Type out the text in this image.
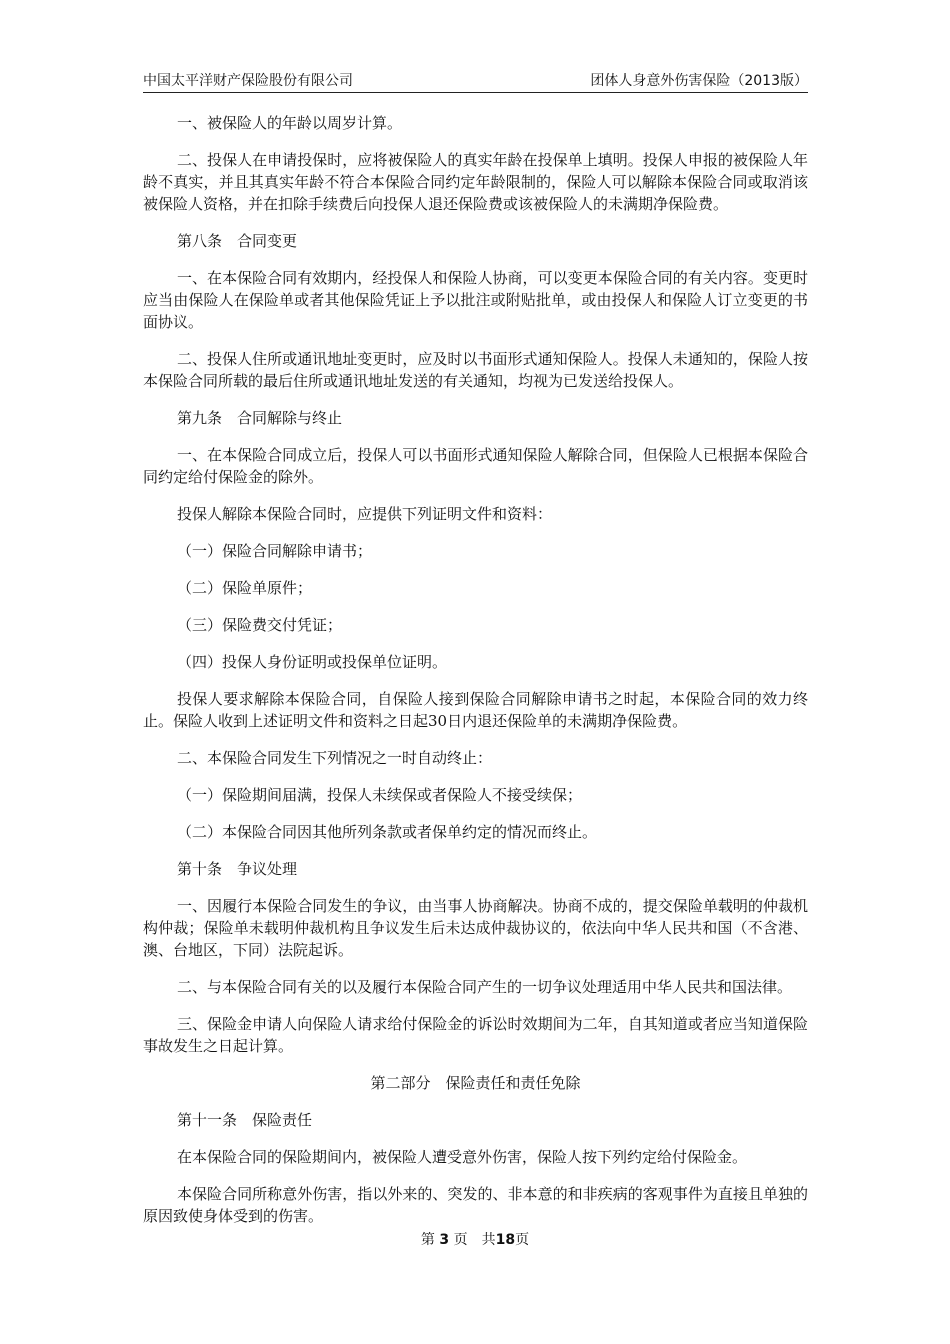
中国太平洋财产保险股份有限公司	团体人身意外伤害保险（2013版）

一、被保险人的年龄以周岁计算。

二、投保人在申请投保时，应将被保险人的真实年龄在投保单上填明。投保人申报的被保险人年龄不真实，并且其真实年龄不符合本保险合同约定年龄限制的，保险人可以解除本保险合同或取消该被保险人资格，并在扣除手续费后向投保人退还保险费或该被保险人的未满期净保险费。

第八条　合同变更

一、在本保险合同有效期内，经投保人和保险人协商，可以变更本保险合同的有关内容。变更时应当由保险人在保险单或者其他保险凭证上予以批注或附贴批单，或由投保人和保险人订立变更的书面协议。

二、投保人住所或通讯地址变更时，应及时以书面形式通知保险人。投保人未通知的，保险人按本保险合同所载的最后住所或通讯地址发送的有关通知，均视为已发送给投保人。

第九条　合同解除与终止

一、在本保险合同成立后，投保人可以书面形式通知保险人解除合同，但保险人已根据本保险合同约定给付保险金的除外。

投保人解除本保险合同时，应提供下列证明文件和资料：

（一）保险合同解除申请书；

（二）保险单原件；

（三）保险费交付凭证；

（四）投保人身份证明或投保单位证明。

投保人要求解除本保险合同，自保险人接到保险合同解除申请书之时起，本保险合同的效力终止。保险人收到上述证明文件和资料之日起30日内退还保险单的未满期净保险费。

二、本保险合同发生下列情况之一时自动终止：

（一）保险期间届满，投保人未续保或者保险人不接受续保；

（二）本保险合同因其他所列条款或者保单约定的情况而终止。

第十条　争议处理

一、因履行本保险合同发生的争议，由当事人协商解决。协商不成的，提交保险单载明的仲裁机构仲裁；保险单未载明仲裁机构且争议发生后未达成仲裁协议的，依法向中华人民共和国（不含港、澳、台地区，下同）法院起诉。

二、与本保险合同有关的以及履行本保险合同产生的一切争议处理适用中华人民共和国法律。

三、保险金申请人向保险人请求给付保险金的诉讼时效期间为二年，自其知道或者应当知道保险事故发生之日起计算。

第二部分　保险责任和责任免除

第十一条　保险责任

在本保险合同的保险期间内，被保险人遭受意外伤害，保险人按下列约定给付保险金。

本保险合同所称意外伤害，指以外来的、突发的、非本意的和非疾病的客观事件为直接且单独的原因致使身体受到的伤害。

第 3 页　共18页
